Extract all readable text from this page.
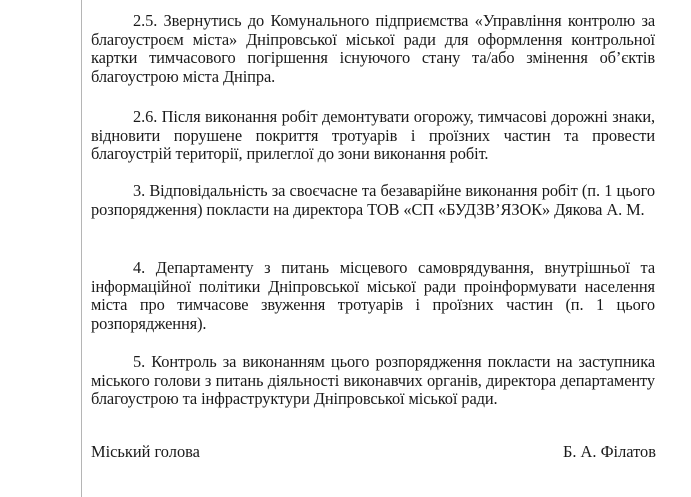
2.5. Звернутись до Комунального підприємства «Управління контролю за благоустроєм міста» Дніпровської міської ради для оформлення контрольної картки тимчасового погіршення існуючого стану та/або змінення об’єктів благоустрою міста Дніпра.

2.6. Після виконання робіт демонтувати огорожу, тимчасові дорожні знаки, відновити порушене покриття тротуарів і проїзних частин та провести благоустрій території, прилеглої до зони виконання робіт.

3. Відповідальність за своєчасне та безаварійне виконання робіт (п. 1 цього розпорядження) покласти на директора ТОВ «СП «БУДЗВ’ЯЗОК» Дякова А. М.

4. Департаменту з питань місцевого самоврядування, внутрішньої та інформаційної політики Дніпровської міської ради проінформувати населення міста про тимчасове звуження тротуарів і проїзних частин (п. 1 цього розпорядження).

5. Контроль за виконанням цього розпорядження покласти на заступника міського голови з питань діяльності виконавчих органів, директора департаменту благоустрою та інфраструктури Дніпровської міської ради.

Міський голова	Б. А. Філатов
